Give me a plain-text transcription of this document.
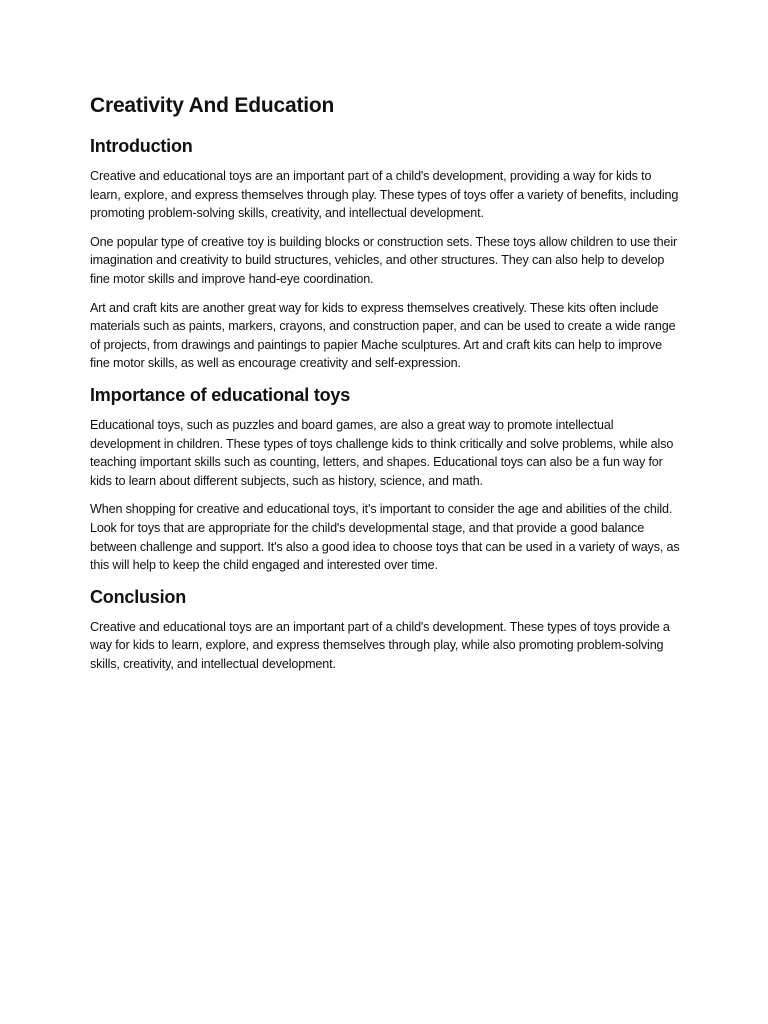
Creativity And Education
Introduction

Creative and educational toys are an important part of a child's development, providing a way for kids to learn, explore, and express themselves through play. These types of toys offer a variety of benefits, including promoting problem-solving skills, creativity, and intellectual development.

One popular type of creative toy is building blocks or construction sets. These toys allow children to use their imagination and creativity to build structures, vehicles, and other structures. They can also help to develop fine motor skills and improve hand-eye coordination.

Art and craft kits are another great way for kids to express themselves creatively. These kits often include materials such as paints, markers, crayons, and construction paper, and can be used to create a wide range of projects, from drawings and paintings to papier Mache sculptures. Art and craft kits can help to improve fine motor skills, as well as encourage creativity and self-expression.

Importance of educational toys

Educational toys, such as puzzles and board games, are also a great way to promote intellectual development in children. These types of toys challenge kids to think critically and solve problems, while also teaching important skills such as counting, letters, and shapes. Educational toys can also be a fun way for kids to learn about different subjects, such as history, science, and math.

When shopping for creative and educational toys, it's important to consider the age and abilities of the child. Look for toys that are appropriate for the child's developmental stage, and that provide a good balance between challenge and support. It's also a good idea to choose toys that can be used in a variety of ways, as this will help to keep the child engaged and interested over time.

Conclusion

Creative and educational toys are an important part of a child's development. These types of toys provide a way for kids to learn, explore, and express themselves through play, while also promoting problem-solving skills, creativity, and intellectual development.
